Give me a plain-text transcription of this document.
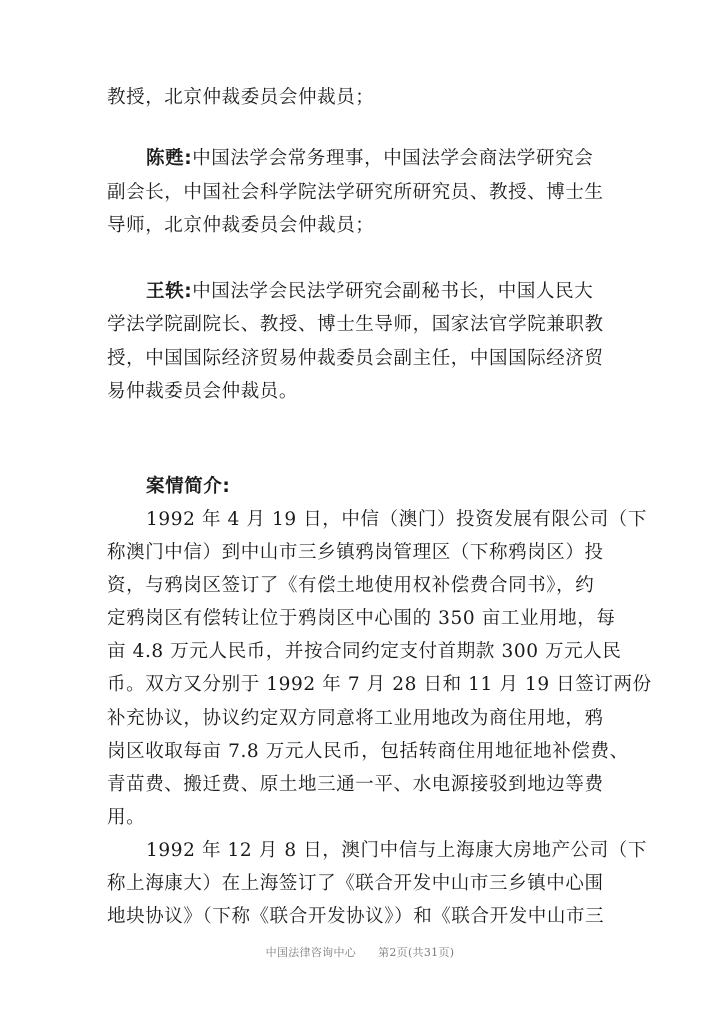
教授，北京仲裁委员会仲裁员；
陈甦:中国法学会常务理事，中国法学会商法学研究会
副会长，中国社会科学院法学研究所研究员、教授、博士生
导师，北京仲裁委员会仲裁员；
王轶:中国法学会民法学研究会副秘书长，中国人民大
学法学院副院长、教授、博士生导师，国家法官学院兼职教
授，中国国际经济贸易仲裁委员会副主任，中国国际经济贸
易仲裁委员会仲裁员。
案情简介:
1992 年 4 月 19 日，中信（澳门）投资发展有限公司（下
称澳门中信）到中山市三乡镇鸦岗管理区（下称鸦岗区）投
资，与鸦岗区签订了《有偿土地使用权补偿费合同书》，约
定鸦岗区有偿转让位于鸦岗区中心围的 350 亩工业用地，每
亩 4.8 万元人民币，并按合同约定支付首期款 300 万元人民
币。双方又分别于 1992 年 7 月 28 日和 11 月 19 日签订两份
补充协议，协议约定双方同意将工业用地改为商住用地，鸦
岗区收取每亩 7.8 万元人民币，包括转商住用地征地补偿费、
青苗费、搬迁费、原土地三通一平、水电源接驳到地边等费
用。
1992 年 12 月 8 日，澳门中信与上海康大房地产公司（下
称上海康大）在上海签订了《联合开发中山市三乡镇中心围
地块协议》（下称《联合开发协议》）和《联合开发中山市三
中国法律咨询中心 第2页(共31页)
